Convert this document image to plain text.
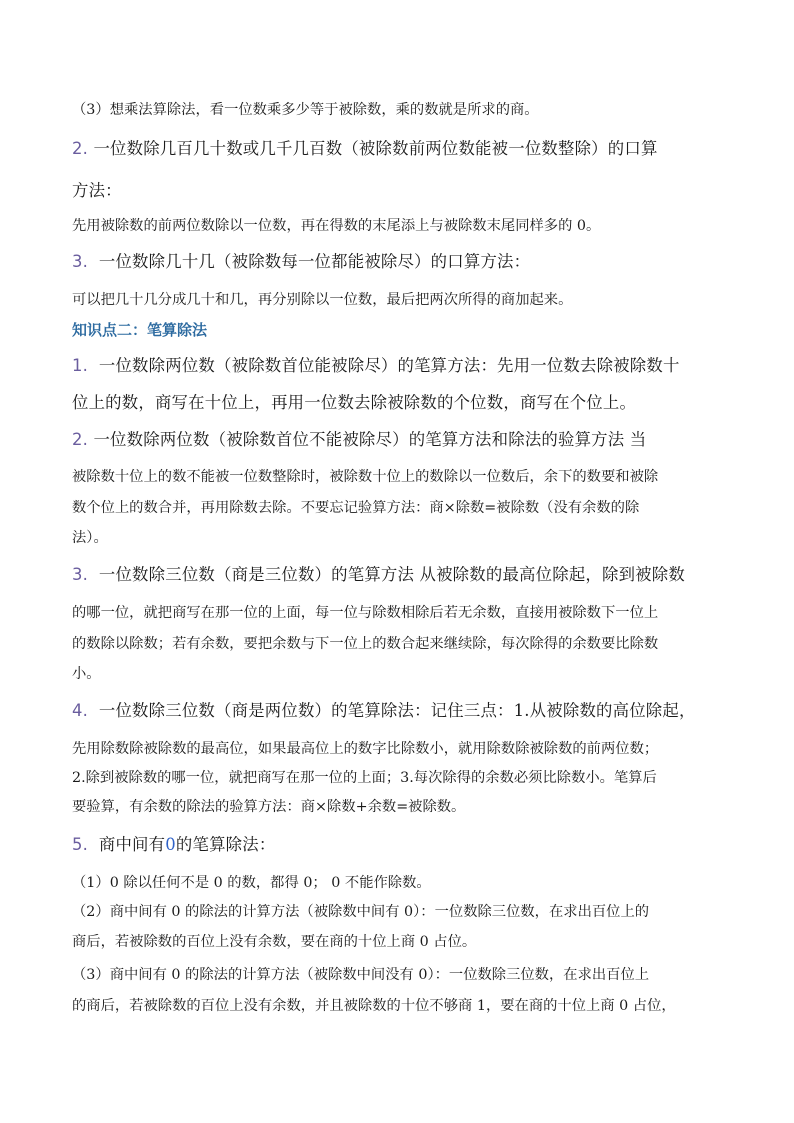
（3）想乘法算除法，看一位数乘多少等于被除数，乘的数就是所求的商。
2. 一位数除几百几十数或几千几百数（被除数前两位数能被一位数整除）的口算
方法：
先用被除数的前两位数除以一位数，再在得数的末尾添上与被除数末尾同样多的 0。
3. 一位数除几十几（被除数每一位都能被除尽）的口算方法：
可以把几十几分成几十和几，再分别除以一位数，最后把两次所得的商加起来。
知识点二：笔算除法
1. 一位数除两位数（被除数首位能被除尽）的笔算方法：先用一位数去除被除数十
位上的数，商写在十位上，再用一位数去除被除数的个位数，商写在个位上。
2. 一位数除两位数（被除数首位不能被除尽）的笔算方法和除法的验算方法 当
被除数十位上的数不能被一位数整除时，被除数十位上的数除以一位数后，余下的数要和被除
数个位上的数合并，再用除数去除。不要忘记验算方法：商×除数=被除数（没有余数的除
法）。
3. 一位数除三位数（商是三位数）的笔算方法 从被除数的最高位除起，除到被除数
的哪一位，就把商写在那一位的上面，每一位与除数相除后若无余数，直接用被除数下一位上
的数除以除数；若有余数，要把余数与下一位上的数合起来继续除，每次除得的余数要比除数
小。
4. 一位数除三位数（商是两位数）的笔算除法：记住三点：1.从被除数的高位除起，
先用除数除被除数的最高位，如果最高位上的数字比除数小，就用除数除被除数的前两位数；
2.除到被除数的哪一位，就把商写在那一位的上面；3.每次除得的余数必须比除数小。笔算后
要验算，有余数的除法的验算方法：商×除数+余数=被除数。
5. 商中间有0的笔算除法：
（1）0 除以任何不是 0 的数，都得 0； 0 不能作除数。
（2）商中间有 0 的除法的计算方法（被除数中间有 0）：一位数除三位数，在求出百位上的
商后，若被除数的百位上没有余数，要在商的十位上商 0 占位。
（3）商中间有 0 的除法的计算方法（被除数中间没有 0）：一位数除三位数，在求出百位上
的商后，若被除数的百位上没有余数，并且被除数的十位不够商 1，要在商的十位上商 0 占位，
